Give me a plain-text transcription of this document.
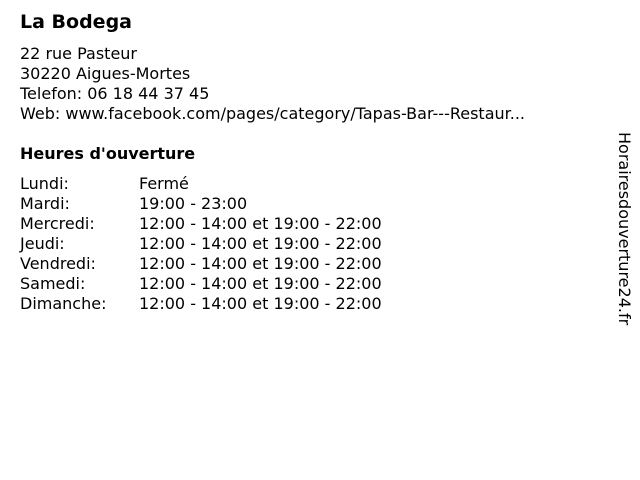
La Bodega
22 rue Pasteur
30220 Aigues-Mortes
Telefon: 06 18 44 37 45
Web: www.facebook.com/pages/category/Tapas-Bar---Restaur...
Heures d'ouverture
Lundi:	Fermé
Mardi:	19:00 - 23:00
Mercredi:	12:00 - 14:00 et 19:00 - 22:00
Jeudi:	12:00 - 14:00 et 19:00 - 22:00
Vendredi:	12:00 - 14:00 et 19:00 - 22:00
Samedi:	12:00 - 14:00 et 19:00 - 22:00
Dimanche:	12:00 - 14:00 et 19:00 - 22:00	Horairesdouverture24.fr
